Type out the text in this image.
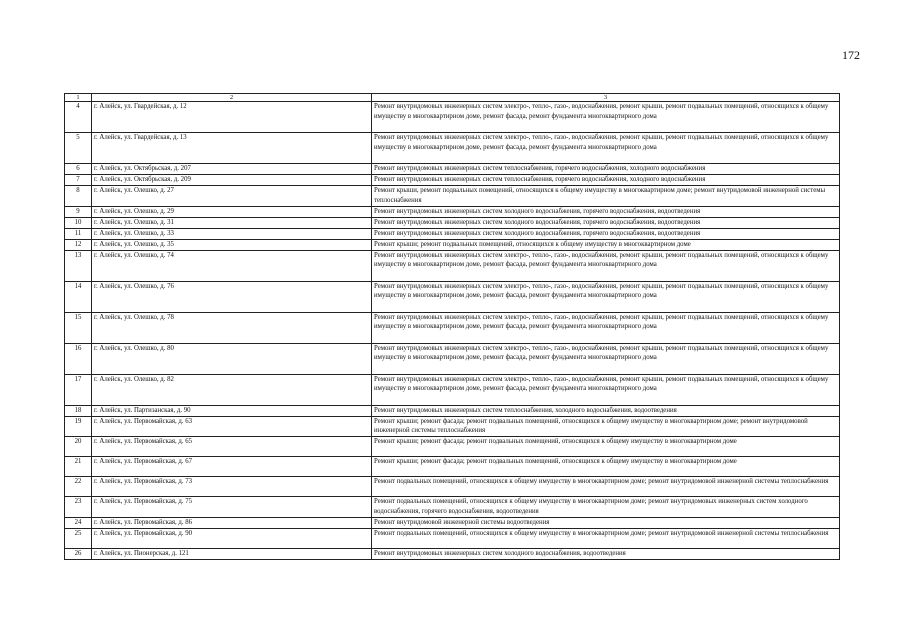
172
1	2	3
4	г. Алейск, ул. Гвардейская, д. 12	Ремонт внутридомовых инженерных систем электро-, тепло-, газо-, водоснабжения, ремонт крыши, ремонт подвальных помещений, относящихся к общему имуществу в многоквартирном доме, ремонт фасада, ремонт фундамента многоквартирного дома
5	г. Алейск, ул. Гвардейская, д. 13	Ремонт внутридомовых инженерных систем электро-, тепло-, газо-, водоснабжения, ремонт крыши, ремонт подвальных помещений, относящихся к общему имуществу в многоквартирном доме, ремонт фасада, ремонт фундамента многоквартирного дома
6	г. Алейск, ул. Октябрьская, д. 207	Ремонт внутридомовых инженерных систем теплоснабжения, горячего водоснабжения, холодного водоснабжения
7	г. Алейск, ул. Октябрьская, д. 209	Ремонт внутридомовых инженерных систем теплоснабжения, горячего водоснабжения, холодного водоснабжения
8	г. Алейск, ул. Олешко, д. 27	Ремонт крыши, ремонт подвальных помещений, относящихся к общему имуществу в многоквартирном доме; ремонт внутридомовой инженерной системы теплоснабжения
9	г. Алейск, ул. Олешко, д. 29	Ремонт внутридомовых инженерных систем холодного водоснабжения, горячего водоснабжения, водоотведения
10	г. Алейск, ул. Олешко, д. 31	Ремонт внутридомовых инженерных систем холодного водоснабжения, горячего водоснабжения, водоотведения
11	г. Алейск, ул. Олешко, д. 33	Ремонт внутридомовых инженерных систем холодного водоснабжения, горячего водоснабжения, водоотведения
12	г. Алейск, ул. Олешко, д. 35	Ремонт крыши; ремонт подвальных помещений, относящихся к общему имуществу в многоквартирном доме
13	г. Алейск, ул. Олешко, д. 74	Ремонт внутридомовых инженерных систем электро-, тепло-, газо-, водоснабжения, ремонт крыши, ремонт подвальных помещений, относящихся к общему имуществу в многоквартирном доме, ремонт фасада, ремонт фундамента многоквартирного дома
14	г. Алейск, ул. Олешко, д. 76	Ремонт внутридомовых инженерных систем электро-, тепло-, газо-, водоснабжения, ремонт крыши, ремонт подвальных помещений, относящихся к общему имуществу в многоквартирном доме, ремонт фасада, ремонт фундамента многоквартирного дома
15	г. Алейск, ул. Олешко, д. 78	Ремонт внутридомовых инженерных систем электро-, тепло-, газо-, водоснабжения, ремонт крыши, ремонт подвальных помещений, относящихся к общему имуществу в многоквартирном доме, ремонт фасада, ремонт фундамента многоквартирного дома
16	г. Алейск, ул. Олешко, д. 80	Ремонт внутридомовых инженерных систем электро-, тепло-, газо-, водоснабжения, ремонт крыши, ремонт подвальных помещений, относящихся к общему имуществу в многоквартирном доме, ремонт фасада, ремонт фундамента многоквартирного дома
17	г. Алейск, ул. Олешко, д. 82	Ремонт внутридомовых инженерных систем электро-, тепло-, газо-, водоснабжения, ремонт крыши, ремонт подвальных помещений, относящихся к общему имуществу в многоквартирном доме, ремонт фасада, ремонт фундамента многоквартирного дома
18	г. Алейск, ул. Партизанская, д. 90	Ремонт внутридомовых инженерных систем теплоснабжения, холодного водоснабжения, водоотведения
19	г. Алейск, ул. Первомайская, д. 63	Ремонт крыши; ремонт фасада; ремонт подвальных помещений, относящихся к общему имуществу в многоквартирном доме; ремонт внутридомовой инженерной системы теплоснабжения
20	г. Алейск, ул. Первомайская, д. 65	Ремонт крыши; ремонт фасада; ремонт подвальных помещений, относящихся к общему имуществу в многоквартирном доме
21	г. Алейск, ул. Первомайская, д. 67	Ремонт крыши; ремонт фасада; ремонт подвальных помещений, относящихся к общему имуществу в многоквартирном доме
22	г. Алейск, ул. Первомайская, д. 73	Ремонт подвальных помещений, относящихся к общему имуществу в многоквартирном доме; ремонт внутридомовой инженерной системы теплоснабжения
23	г. Алейск, ул. Первомайская, д. 75	Ремонт подвальных помещений, относящихся к общему имуществу в многоквартирном доме; ремонт внутридомовых инженерных систем холодного водоснабжения, горячего водоснабжения, водоотведения
24	г. Алейск, ул. Первомайская, д. 86	Ремонт внутридомовой инженерной системы водоотведения
25	г. Алейск, ул. Первомайская, д. 90	Ремонт подвальных помещений, относящихся к общему имуществу в многоквартирном доме; ремонт внутридомовой инженерной системы теплоснабжения
26	г. Алейск, ул. Пионерская, д. 121	Ремонт внутридомовых инженерных систем холодного водоснабжения, водоотведения
